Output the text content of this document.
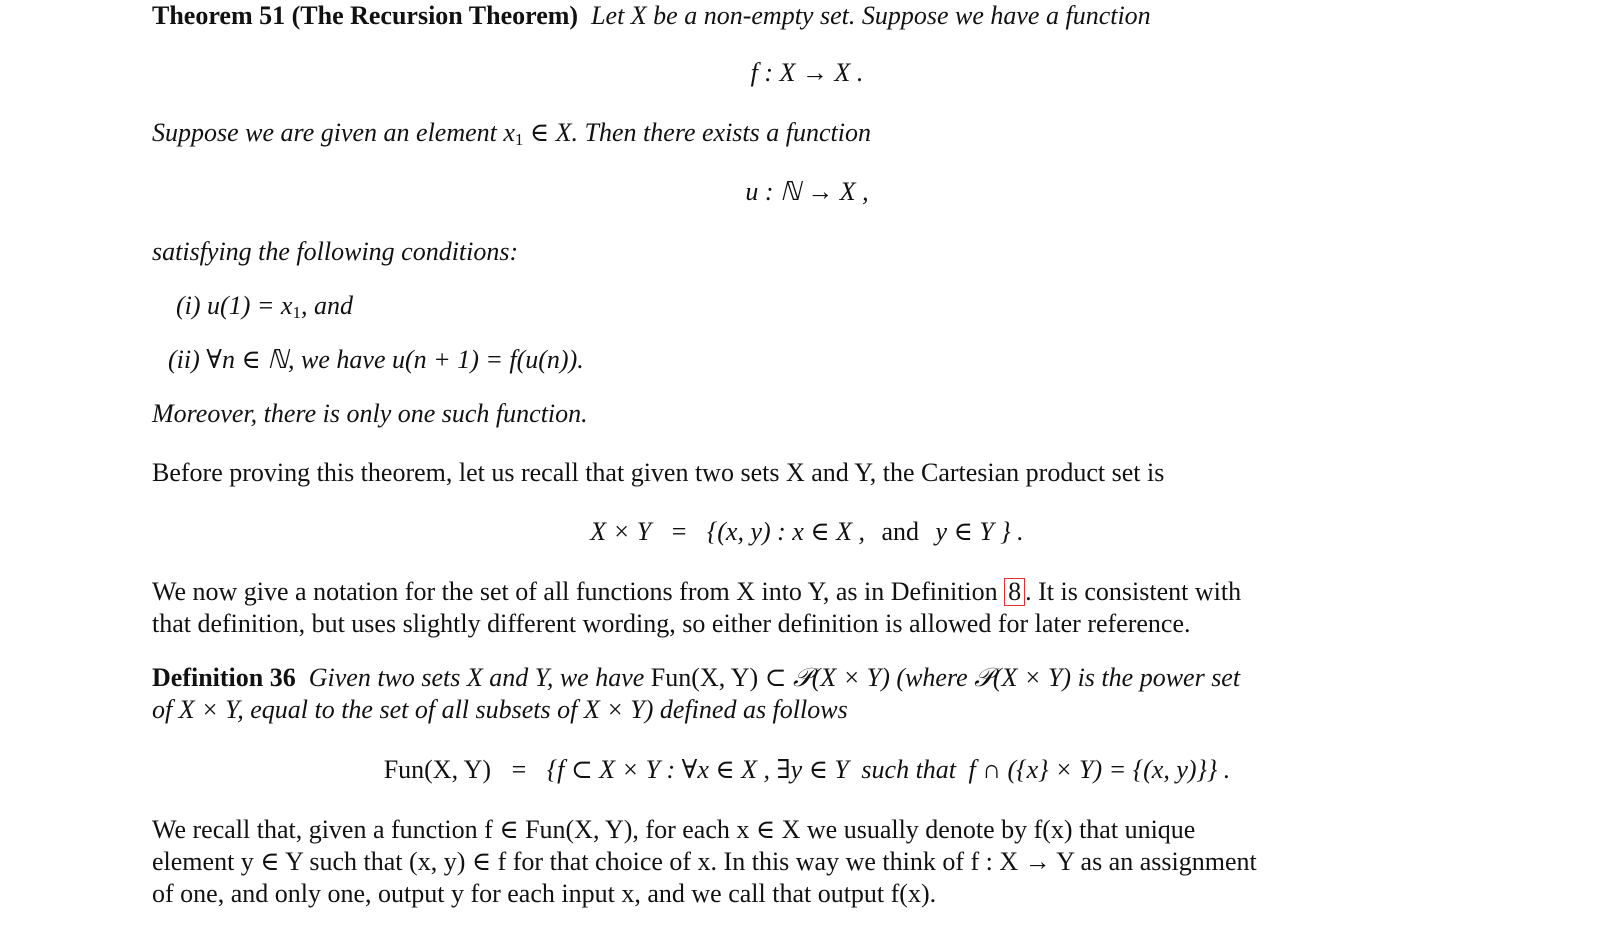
Theorem 51 (The Recursion Theorem) Let X be a non-empty set. Suppose we have a function
f : X → X .
Suppose we are given an element $x_1$ ∈ X. Then there exists a function
u : ℕ → X ,
satisfying the following conditions:
(i) $u(1) = x_1$, and
(ii) ∀n ∈ ℕ, we have u(n + 1) = f(u(n)).
Moreover, there is only one such function.
Before proving this theorem, let us recall that given two sets X and Y, the Cartesian product set is
X × Y = {(x, y) : x ∈ X , and y ∈ Y } .
We now give a notation for the set of all functions from X into Y, as in Definition 8 . It is consistent with
that definition, but uses slightly different wording, so either definition is allowed for later reference.
Definition 36 Given two sets X and Y, we have Fun(X, Y) ⊂ 𝒫(X × Y) (where 𝒫(X × Y) is the power set
of X × Y, equal to the set of all subsets of X × Y) defined as follows
Fun(X, Y) = {f ⊂ X × Y : ∀x ∈ X , ∃y ∈ Y such that f ∩ ({x} × Y) = {(x, y)}} .
We recall that, given a function f ∈ Fun(X, Y), for each x ∈ X we usually denote by f(x) that unique
element y ∈ Y such that (x, y) ∈ f for that choice of x. In this way we think of f : X → Y as an assignment
of one, and only one, output y for each input x, and we call that output f(x).
